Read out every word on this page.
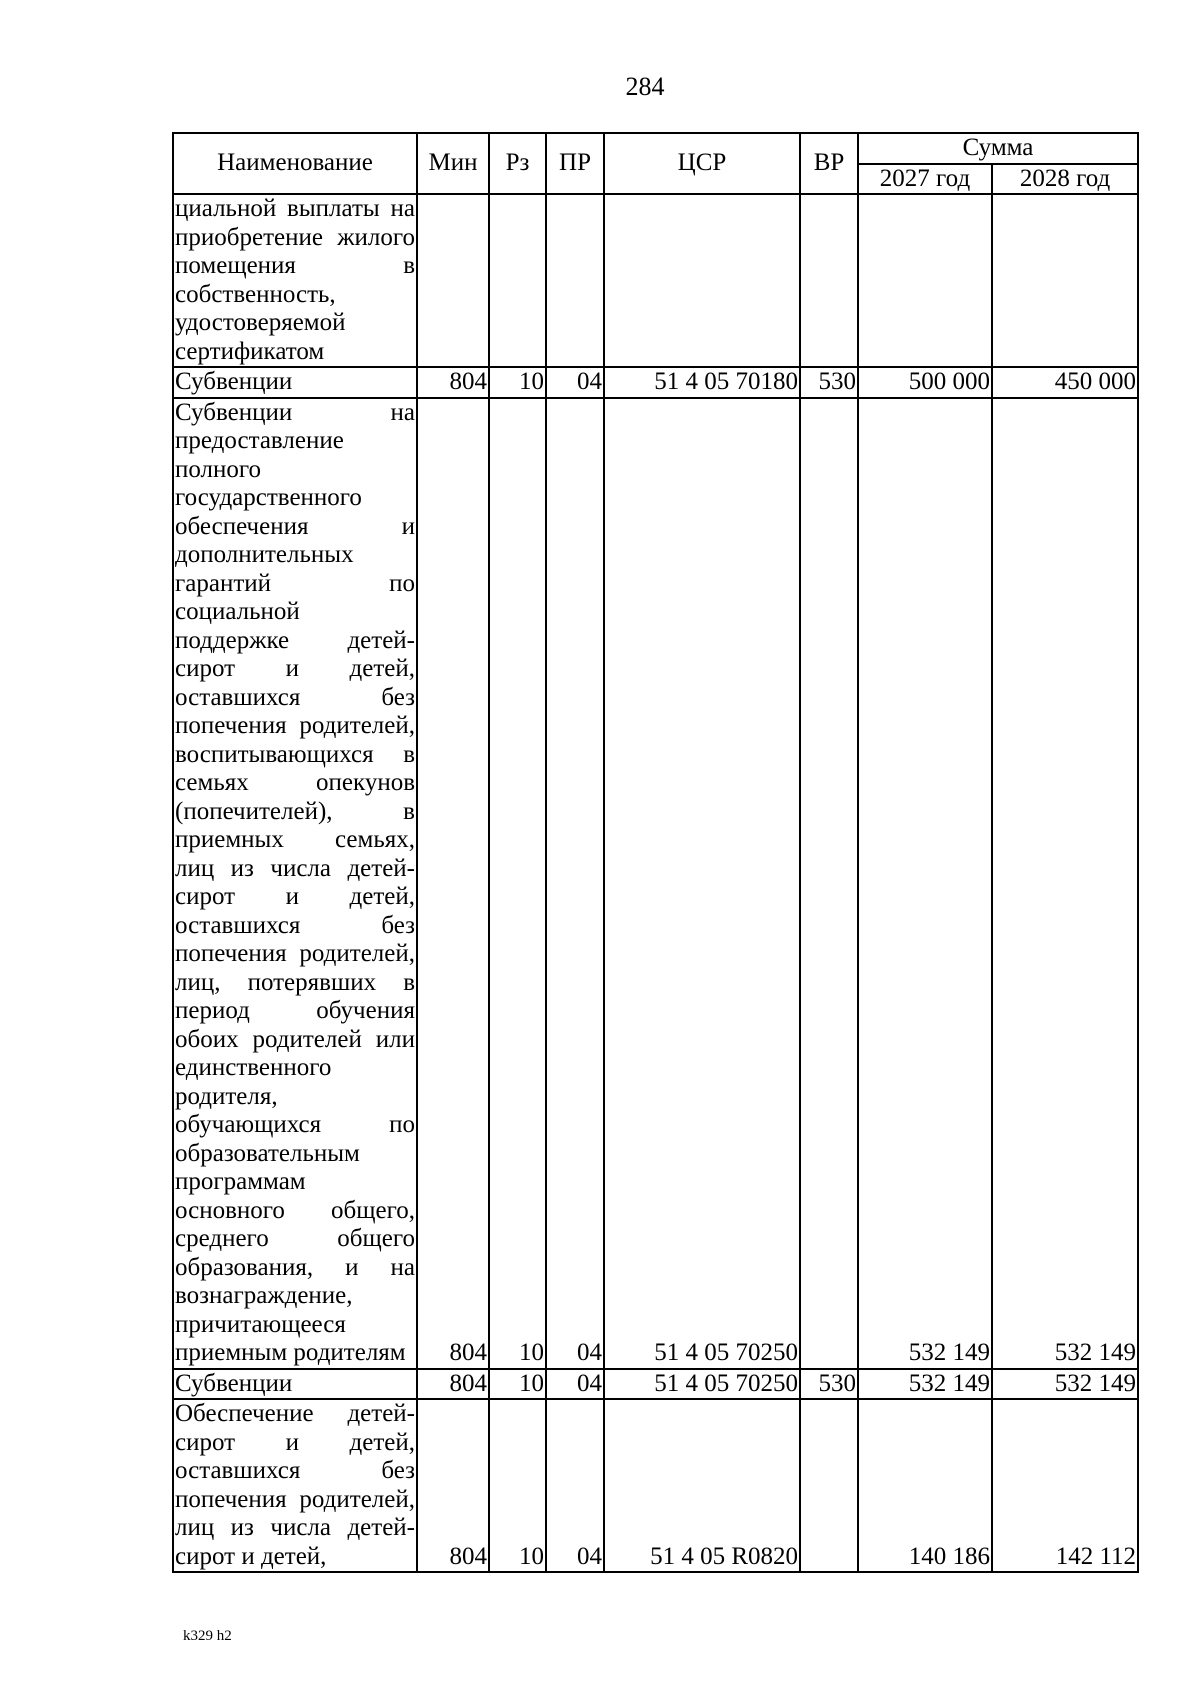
284
Наименование	Мин	Рз	ПР	ЦСР	ВР	Сумма	
						2027 год	2028 год
циальной выплаты на приобретение жилого помещения в собственность, удостоверяемой сертификатом							
Субвенции	804	10	04	51 4 05 70180	530	500 000	450 000
Субвенции на предоставление полного государственного обеспечения и дополнительных гарантий по социальной поддержке детей-сирот и детей, оставшихся без попечения родителей, воспитывающихся в семьях опекунов (попечителей), в приемных семьях, лиц из числа детей-сирот и детей, оставшихся без попечения родителей, лиц, потерявших в период обучения обоих родителей или единственного родителя, обучающихся по образовательным программам основного общего, среднего общего образования, и на вознаграждение, причитающееся приемным родителям	804	10	04	51 4 05 70250		532 149	532 149
Субвенции	804	10	04	51 4 05 70250	530	532 149	532 149
Обеспечение детей-сирот и детей, оставшихся без попечения родителей, лиц из числа детей-сирот и детей,	804	10	04	51 4 05 R0820		140 186	142 112
k329 h2
